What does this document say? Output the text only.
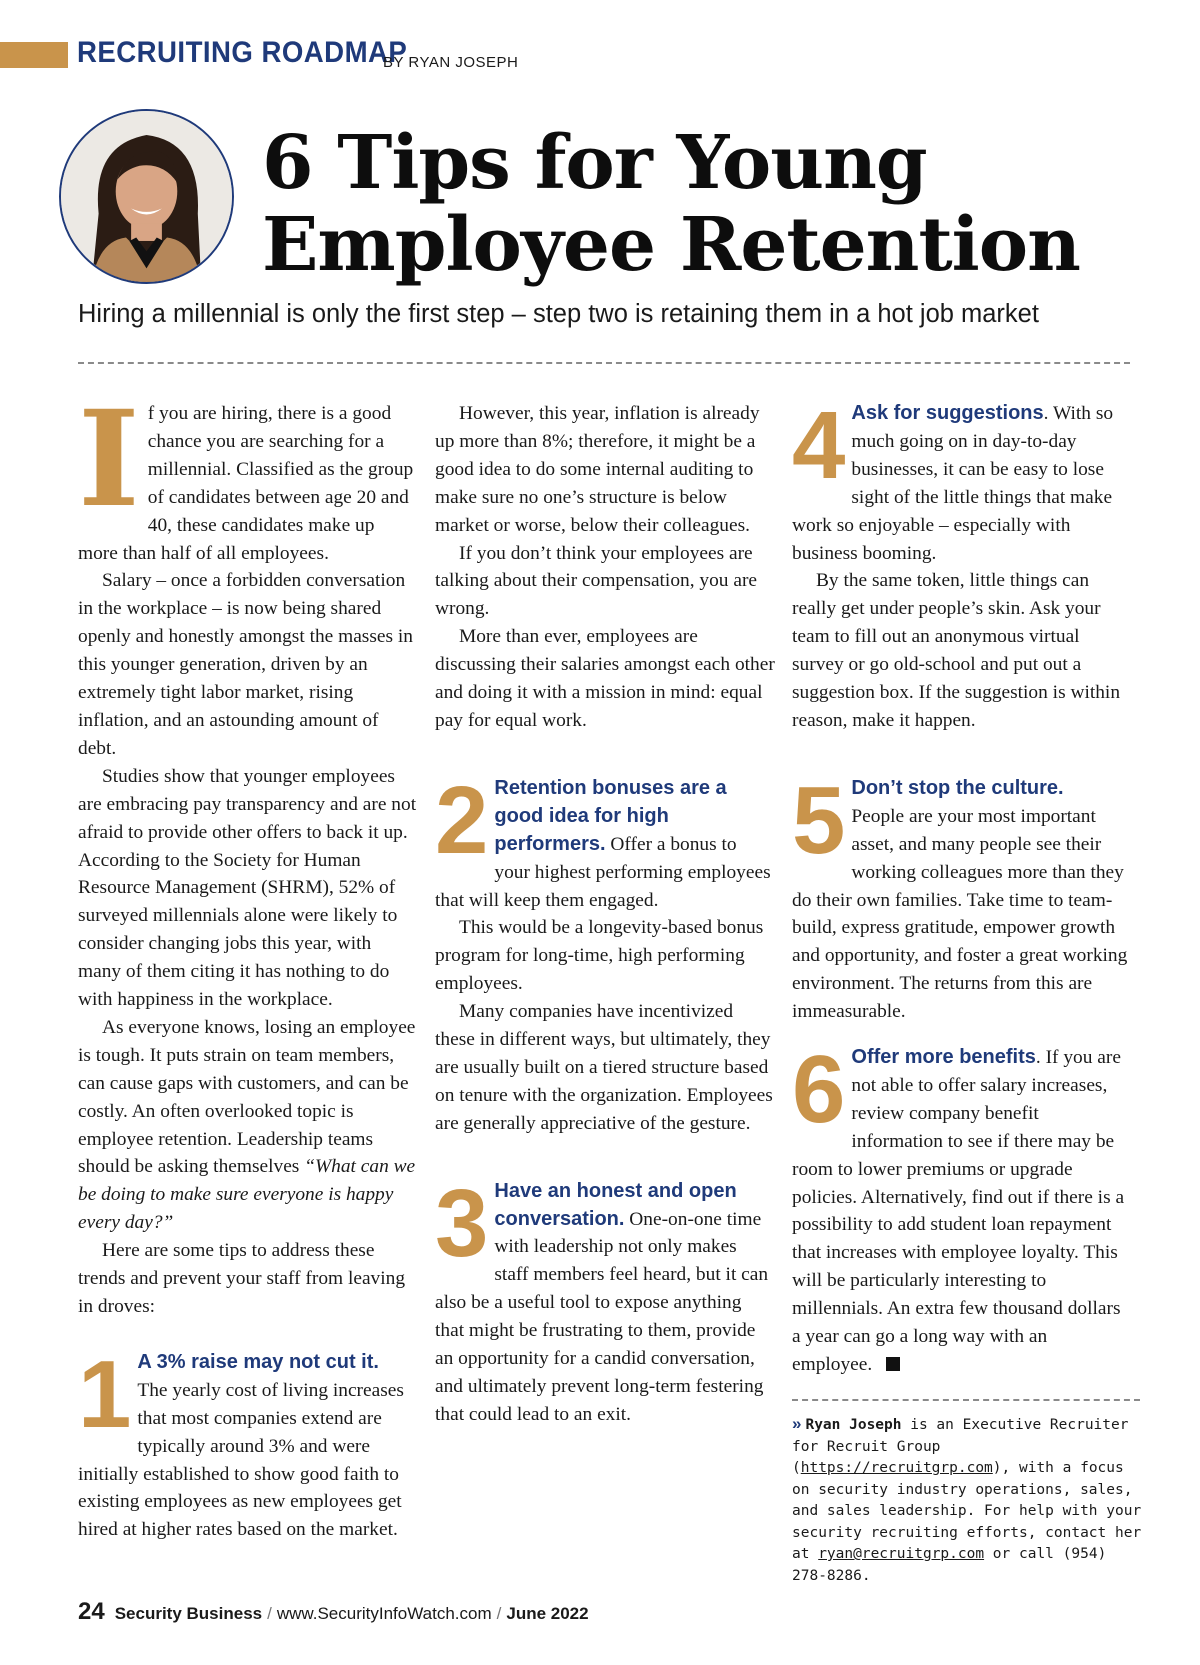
RECRUITING ROADMAP
BY RYAN JOSEPH
6 Tips for Young
Employee Retention
Hiring a millennial is only the first step – step two is retaining them in a hot job market

If you are hiring, there is a good chance you are searching for a millennial. Classified as the group of candidates between age 20 and 40, these candidates make up more than half of all employees.

Salary – once a forbidden conversation in the workplace – is now being shared openly and honestly amongst the masses in this younger generation, driven by an extremely tight labor market, rising inflation, and an astounding amount of debt.

Studies show that younger employees are embracing pay transparency and are not afraid to provide other offers to back it up. According to the Society for Human Resource Management (SHRM), 52% of surveyed millennials alone were likely to consider changing jobs this year, with many of them citing it has nothing to do with happiness in the workplace.

As everyone knows, losing an employee is tough. It puts strain on team members, can cause gaps with customers, and can be costly. An often overlooked topic is employee retention. Leadership teams should be asking themselves “What can we be doing to make sure everyone is happy every day?”

Here are some tips to address these trends and prevent your staff from leaving in droves:

1 A 3% raise may not cut it.
The yearly cost of living increases that most companies extend are typically around 3% and were initially established to show good faith to existing employees as new employees get hired at higher rates based on the market.

However, this year, inflation is already up more than 8%; therefore, it might be a good idea to do some internal auditing to make sure no one’s structure is below market or worse, below their colleagues.

If you don’t think your employees are talking about their compensation, you are wrong.

More than ever, employees are discussing their salaries amongst each other and doing it with a mission in mind: equal pay for equal work.

2 Retention bonuses are a good idea for high performers. Offer a bonus to your highest performing employees that will keep them engaged.

This would be a longevity-based bonus program for long-time, high performing employees.

Many companies have incentivized these in different ways, but ultimately, they are usually built on a tiered structure based on tenure with the organization. Employees are generally appreciative of the gesture.

3 Have an honest and open conversation. One-on-one time with leadership not only makes staff members feel heard, but it can also be a useful tool to expose anything that might be frustrating to them, provide an opportunity for a candid conversation, and ultimately prevent long-term festering that could lead to an exit.

4 Ask for suggestions. With so much going on in day-to-day businesses, it can be easy to lose sight of the little things that make work so enjoyable – especially with business booming.

By the same token, little things can really get under people’s skin. Ask your team to fill out an anonymous virtual survey or go old-school and put out a suggestion box. If the suggestion is within reason, make it happen.

5 Don’t stop the culture.
People are your most important asset, and many people see their working colleagues more than they do their own families. Take time to team-build, express gratitude, empower growth and opportunity, and foster a great working environment. The returns from this are immeasurable.

6 Offer more benefits. If you are not able to offer salary increases, review company benefit information to see if there may be room to lower premiums or upgrade policies. Alternatively, find out if there is a possibility to add student loan repayment that increases with employee loyalty. This will be particularly interesting to millennials. An extra few thousand dollars a year can go a long way with an employee.

» Ryan Joseph is an Executive Recruiter for Recruit Group (https://recruitgrp.com), with a focus on security industry operations, sales, and sales leadership. For help with your security recruiting efforts, contact her at ryan@recruitgrp.com or call (954) 278-8286.
24 Security Business / www.SecurityInfoWatch.com / June 2022
